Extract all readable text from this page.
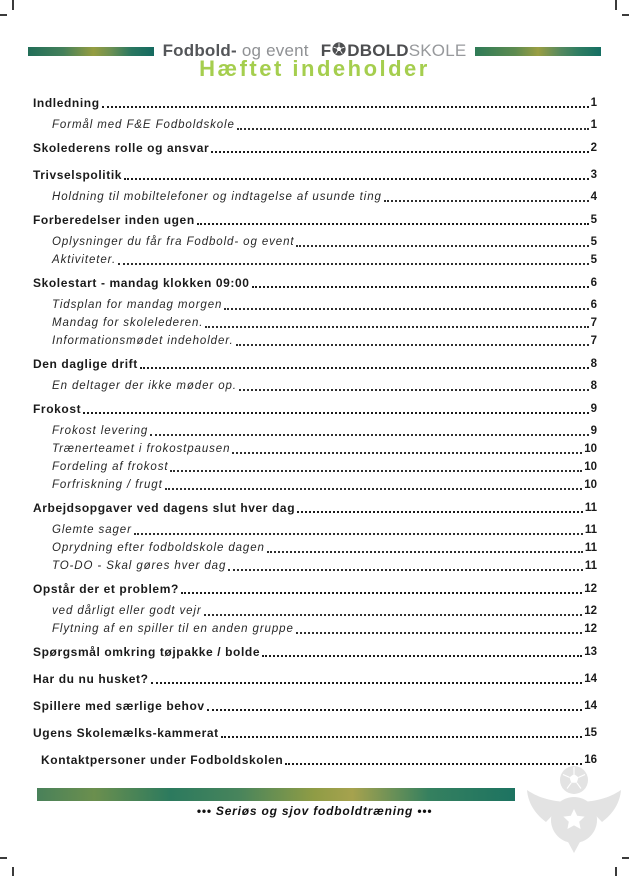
Fodbold- og event F DBOLD SKOLE
Hæftet indeholder
Indledning	1
Formål med F&E Fodboldskole	1
Skolederens rolle og ansvar	2
Trivselspolitik	3
Holdning til mobiltelefoner og indtagelse af usunde ting	4
Forberedelser inden ugen	5
Oplysninger du får fra Fodbold- og event	5
Aktiviteter.	5
Skolestart - mandag klokken 09:00	6
Tidsplan for mandag morgen	6
Mandag for skolelederen.	7
Informationsmødet indeholder.	7
Den daglige drift	8
En deltager der ikke møder op.	8
Frokost	9
Frokost levering	9
Trænerteamet i frokostpausen	10
Fordeling af frokost	10
Forfriskning / frugt	10
Arbejdsopgaver ved dagens slut hver dag	11
Glemte sager	11
Oprydning efter fodboldskole dagen	11
TO-DO - Skal gøres hver dag	11
Opstår der et problem?	12
ved dårligt eller godt vejr	12
Flytning af en spiller til en anden gruppe	12
Spørgsmål omkring tøjpakke / bolde	13
Har du nu husket?	14
Spillere med særlige behov	14
Ugens Skolemælks-kammerat	15
Kontaktpersoner under Fodboldskolen	16
••• Seriøs og sjov fodboldtræning •••
